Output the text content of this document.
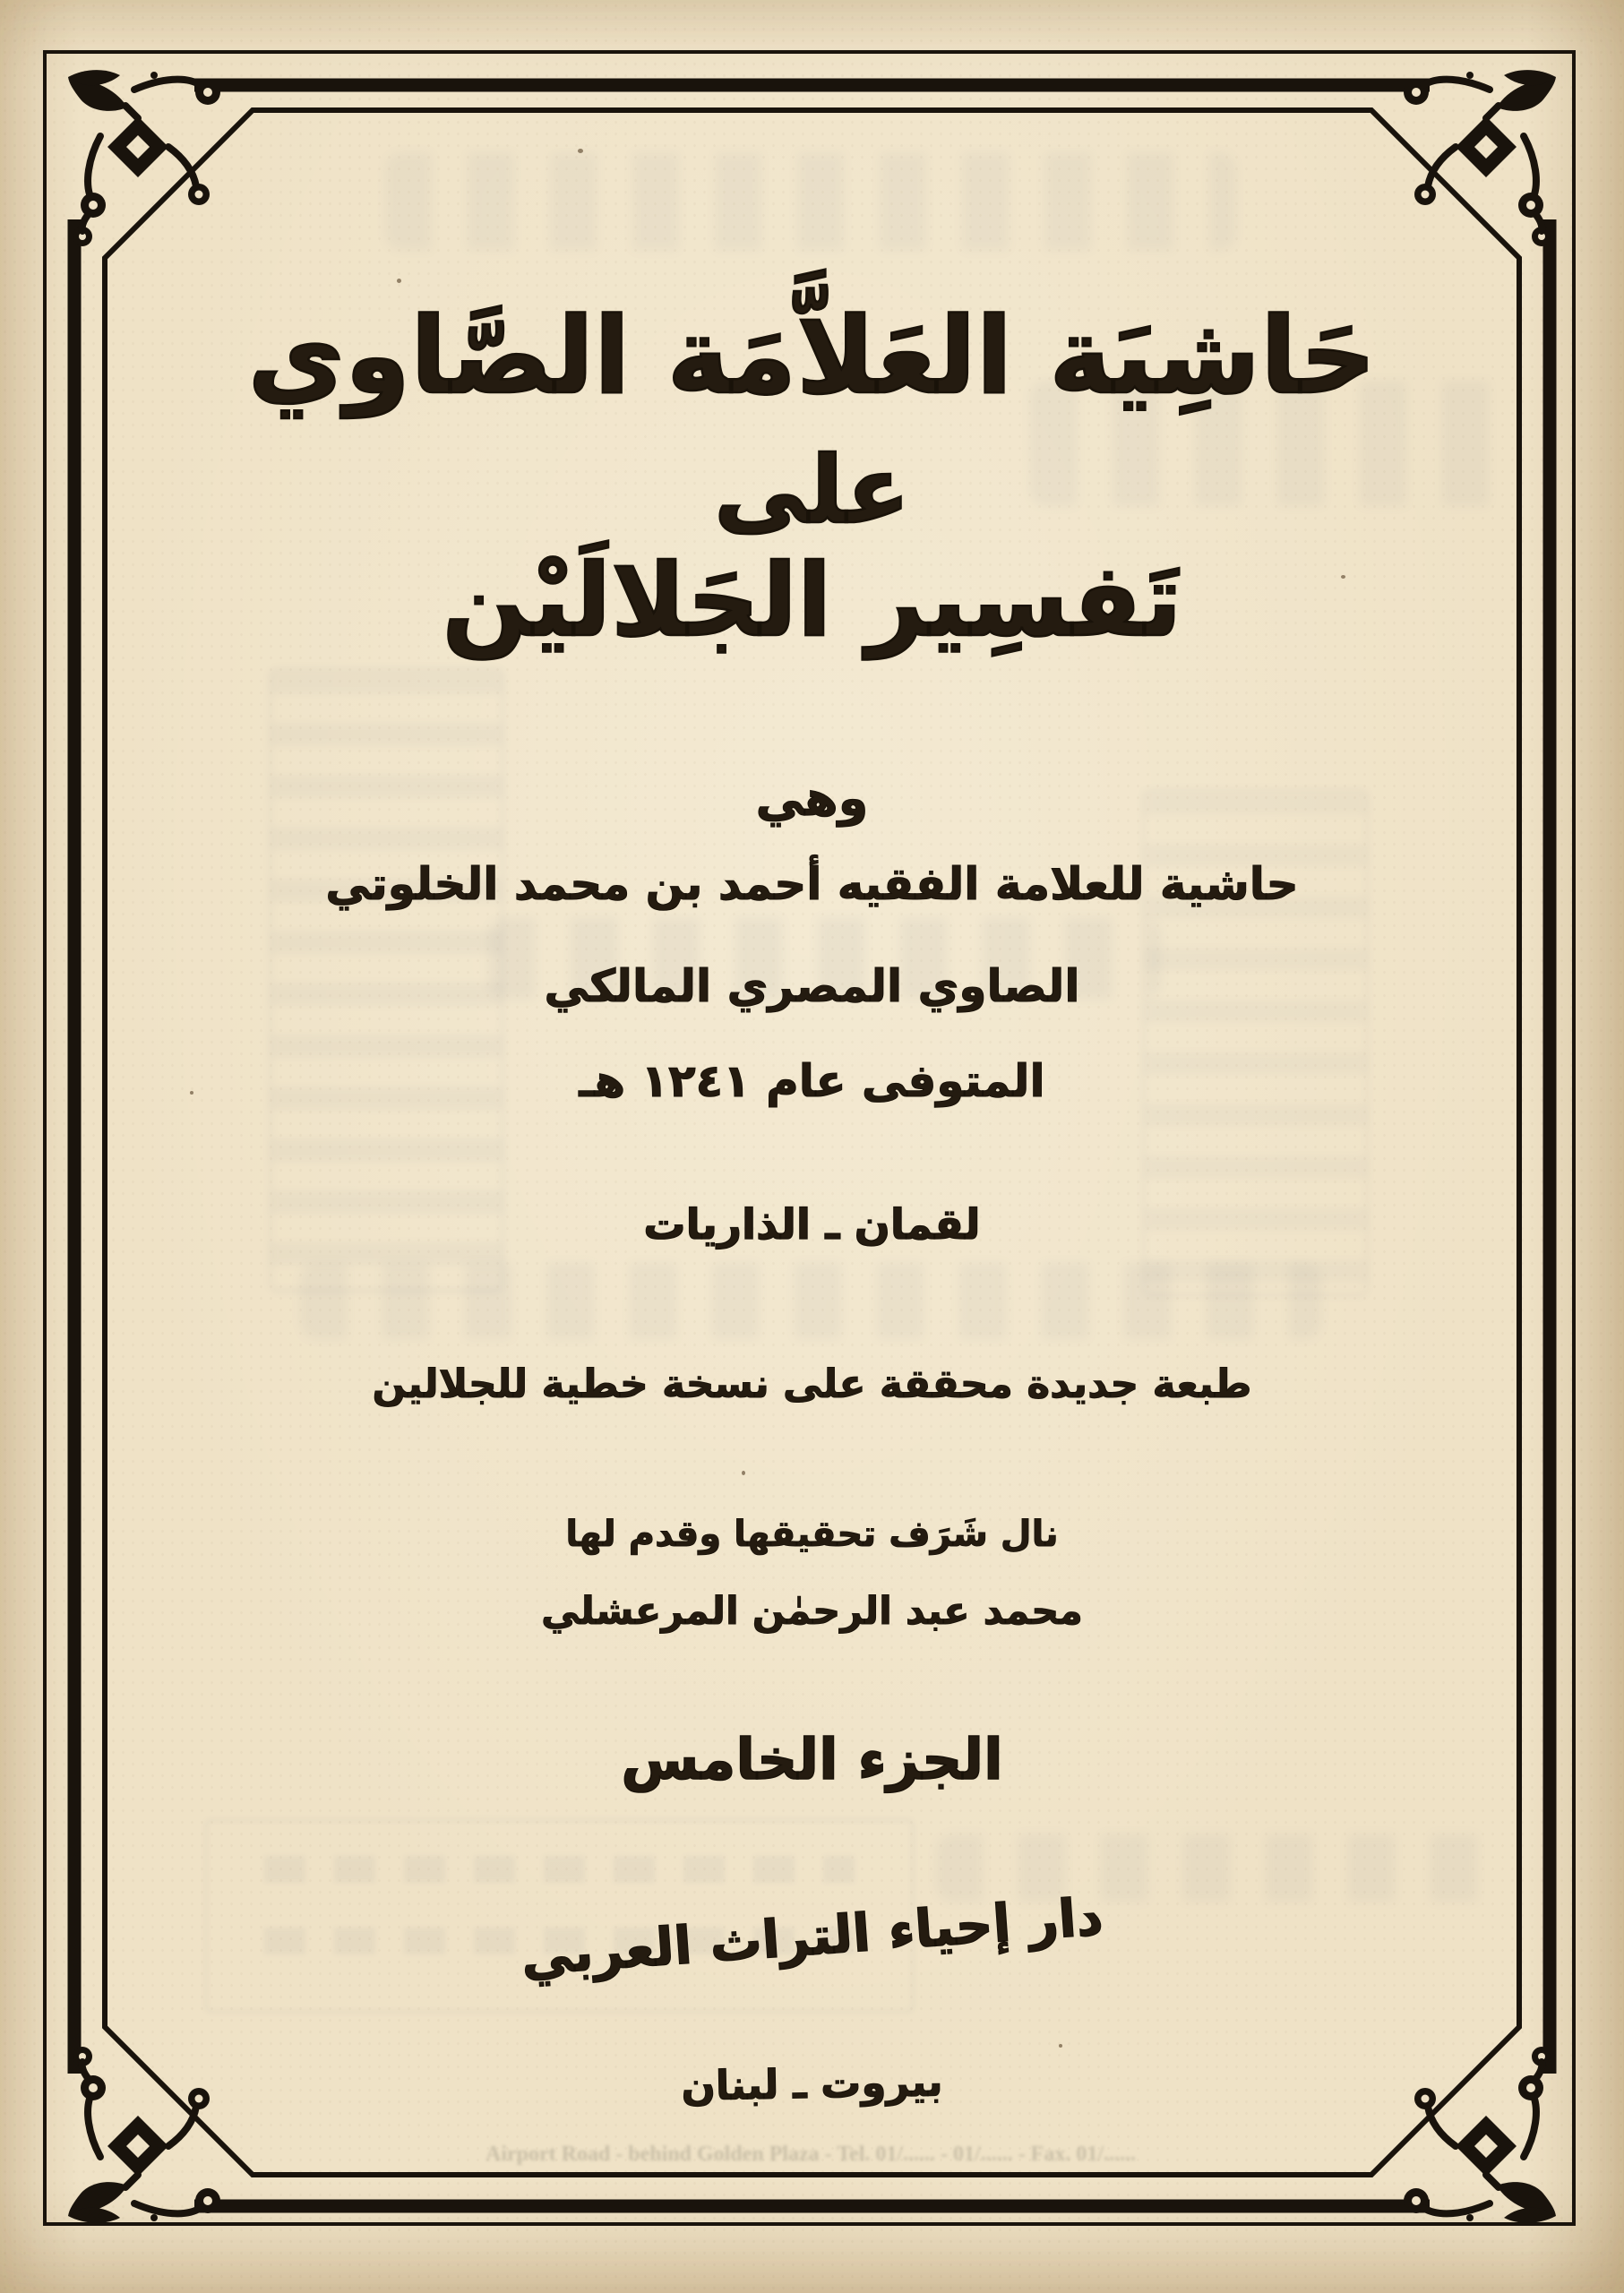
Airport Road - behind Golden Plaza - Tel. 01/...... - 01/...... - Fax. 01/......
حَاشِيَة العَلاَّمَة الصَّاوي
على
تَفسِير الجَلالَيْن
وهي
حاشية للعلامة الفقيه أحمد بن محمد الخلوتي
الصاوي المصري المالكي
المتوفى عام ١٢٤١ هـ
لقمان ـ الذاريات
طبعة جديدة محققة على نسخة خطية للجلالين
نال شَرَف تحقيقها وقدم لها
محمد عبد الرحمٰن المرعشلي
الجزء الخامس
دار إحياء التراث العربي
بيروت ـ لبنان
